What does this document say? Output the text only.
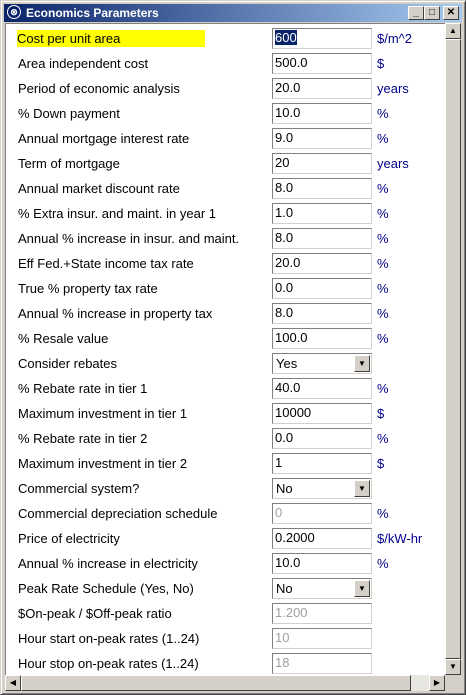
⊗ Economics Parameters	_	□	✕
Cost per unit area	600	$/m^2
Area independent cost	500.0	$
Period of economic analysis	20.0	years
% Down payment	10.0	%
Annual mortgage interest rate	9.0	%
Term of mortgage	20	years
Annual market discount rate	8.0	%
% Extra insur. and maint. in year 1	1.0	%
Annual % increase in insur. and maint.	8.0	%
Eff Fed.+State income tax rate	20.0	%
True % property tax rate	0.0	%
Annual % increase in property tax	8.0	%
% Resale value	100.0	%
Consider rebates	Yes	▼
% Rebate rate in tier 1	40.0	%
Maximum investment in tier 1	10000	$
% Rebate rate in tier 2	0.0	%
Maximum investment in tier 2	1	$
Commercial system?	No	▼
Commercial depreciation schedule	0	%
Price of electricity	0.2000	$/kW-hr
Annual % increase in electricity	10.0	%
Peak Rate Schedule (Yes, No)	No	▼
$On-peak / $Off-peak ratio	1.200
Hour start on-peak rates (1..24)	10
Hour stop on-peak rates (1..24)	18
▲
▼
◀	▶
